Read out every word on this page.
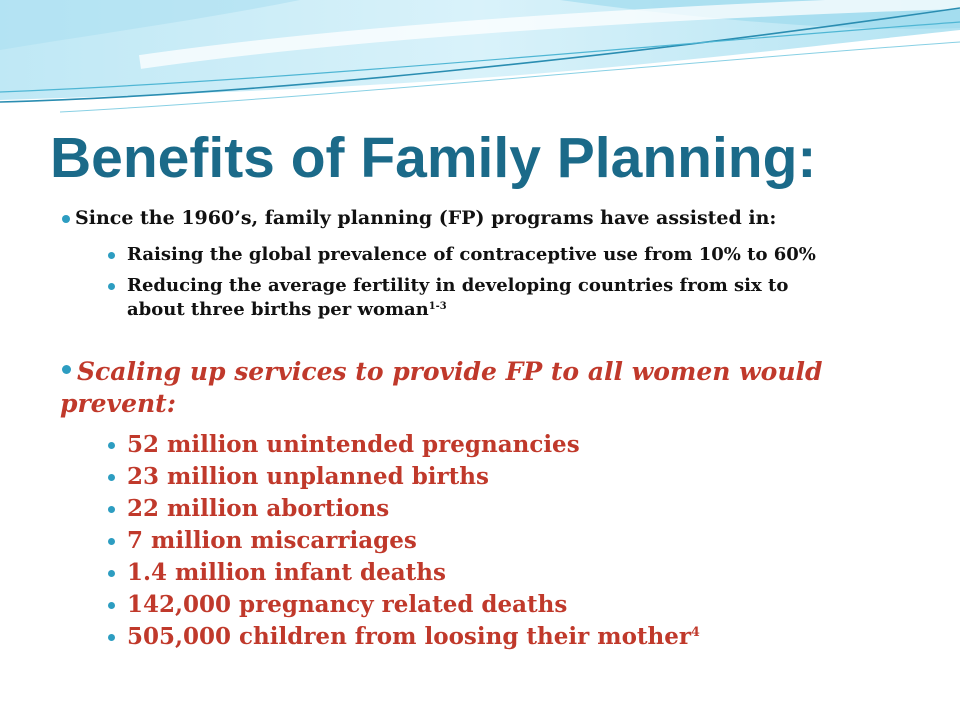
Benefits of Family Planning:
Since the 1960’s, family planning (FP) programs have assisted in:
Raising the global prevalence of contraceptive use from 10% to 60%
Reducing the average fertility in developing countries from six to
about three births per woman$^{1-3}$
Scaling up services to provide FP to all women would
prevent:
52 million unintended pregnancies
23 million unplanned births
22 million abortions
7 million miscarriages
1.4 million infant deaths
142,000 pregnancy related deaths
505,000 children from loosing their mother$^4$
